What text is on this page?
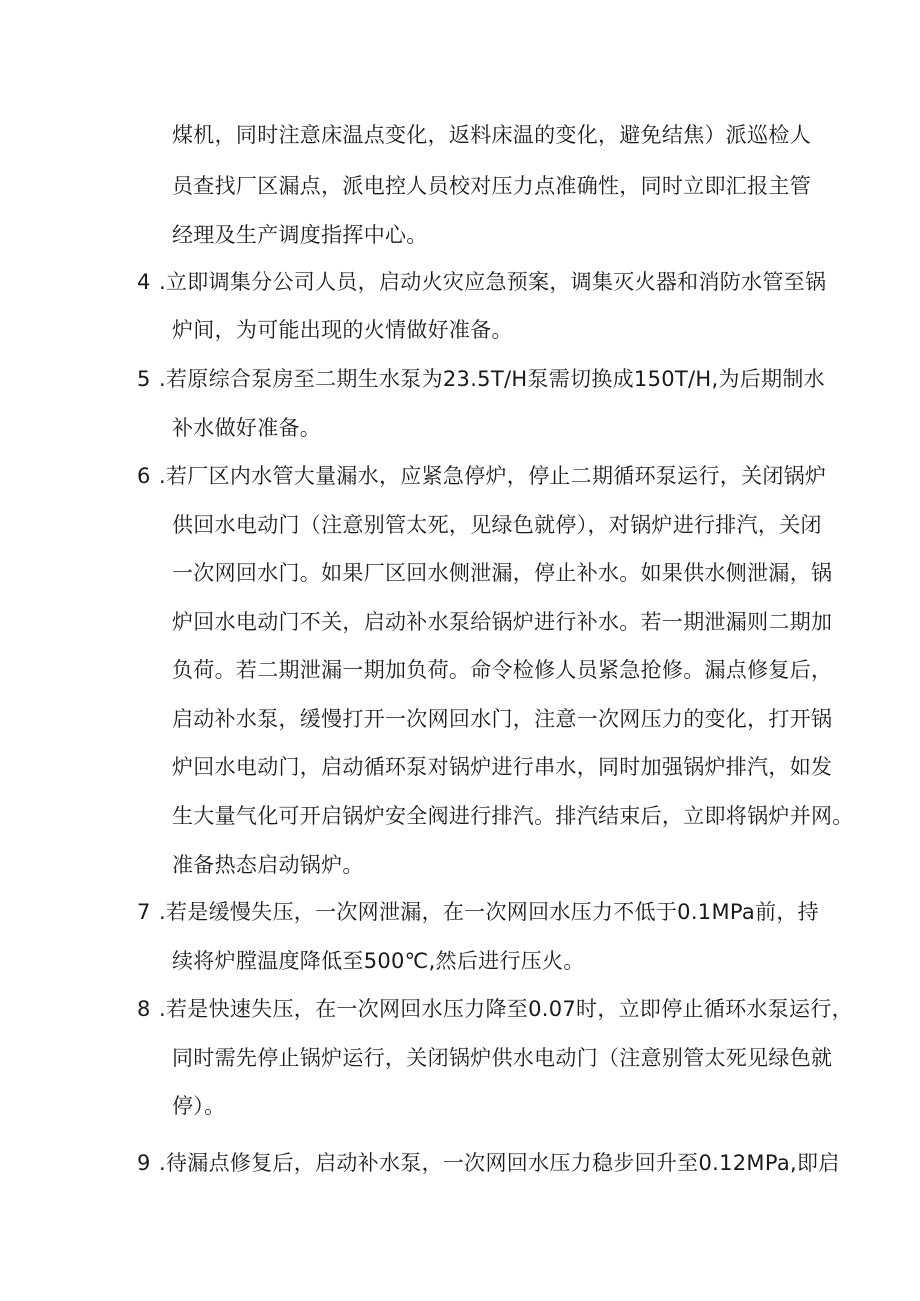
煤机，同时注意床温点变化，返料床温的变化，避免结焦）派巡检人
员查找厂区漏点，派电控人员校对压力点准确性，同时立即汇报主管
经理及生产调度指挥中心。
4 .立即调集分公司人员，启动火灾应急预案，调集灭火器和消防水管至锅
炉间，为可能出现的火情做好准备。
5 .若原综合泵房至二期生水泵为23.5T/H泵需切换成150T/H,为后期制水
补水做好准备。
6 .若厂区内水管大量漏水，应紧急停炉，停止二期循环泵运行，关闭锅炉
供回水电动门（注意别管太死，见绿色就停），对锅炉进行排汽，关闭
一次网回水门。如果厂区回水侧泄漏，停止补水。如果供水侧泄漏，锅
炉回水电动门不关，启动补水泵给锅炉进行补水。若一期泄漏则二期加
负荷。若二期泄漏一期加负荷。命令检修人员紧急抢修。漏点修复后，
启动补水泵，缓慢打开一次网回水门，注意一次网压力的变化，打开锅
炉回水电动门，启动循环泵对锅炉进行串水，同时加强锅炉排汽，如发
生大量气化可开启锅炉安全阀进行排汽。排汽结束后，立即将锅炉并网。
准备热态启动锅炉。
7 .若是缓慢失压，一次网泄漏，在一次网回水压力不低于0.1MPa前，持
续将炉膛温度降低至500℃,然后进行压火。
8 .若是快速失压，在一次网回水压力降至0.07时，立即停止循环水泵运行，
同时需先停止锅炉运行，关闭锅炉供水电动门（注意别管太死见绿色就
停）。
9 .待漏点修复后，启动补水泵，一次网回水压力稳步回升至0.12MPa,即启
